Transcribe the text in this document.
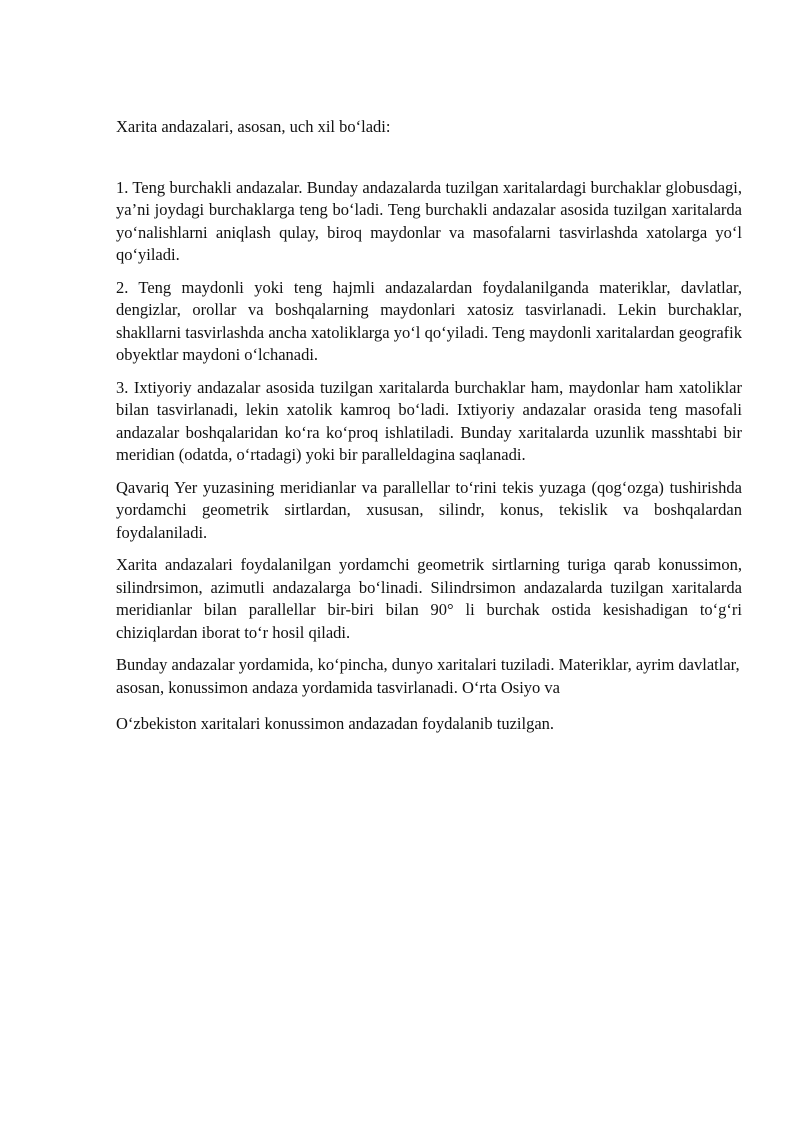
Xarita andazalari, asosan, uch xil bo‘ladi:

1. Teng burchakli andazalar. Bunday andazalarda tuzilgan xaritalardagi burchaklar globusdagi, ya’ni joydagi burchaklarga teng bo‘ladi. Teng burchakli andazalar asosida tuzilgan xaritalarda yo‘nalishlarni aniqlash qulay, biroq maydonlar va masofalarni tasvirlashda xatolarga yo‘l qo‘yiladi.

2. Teng maydonli yoki teng hajmli andazalardan foydalanilganda materiklar, davlatlar, dengizlar, orollar va boshqalarning maydonlari xatosiz tasvirlanadi. Lekin burchaklar, shakllarni tasvirlashda ancha xatoliklarga yo‘l qo‘yiladi. Teng maydonli xaritalardan geografik obyektlar maydoni o‘lchanadi.

3. Ixtiyoriy andazalar asosida tuzilgan xaritalarda burchaklar ham, maydonlar ham xatoliklar bilan tasvirlanadi, lekin xatolik kamroq bo‘ladi. Ixtiyoriy andazalar orasida teng masofali andazalar boshqalaridan ko‘ra ko‘proq ishlatiladi. Bunday xaritalarda uzunlik masshtabi bir meridian (odatda, o‘rtadagi) yoki bir paralleldagina saqlanadi.

Qavariq Yer yuzasining meridianlar va parallellar to‘rini tekis yuzaga (qog‘ozga) tushirishda yordamchi geometrik sirtlardan, xususan, silindr, konus, tekislik va boshqalardan foydalaniladi.

Xarita andazalari foydalanilgan yordamchi geometrik sirtlarning turiga qarab konussimon, silindrsimon, azimutli andazalarga bo‘linadi. Silindrsimon andazalarda tuzilgan xaritalarda meridianlar bilan parallellar bir-biri bilan 90° li burchak ostida kesishadigan to‘g‘ri chiziqlardan iborat to‘r hosil qiladi.

Bunday andazalar yordamida, ko‘pincha, dunyo xaritalari tuziladi. Materiklar, ayrim davlatlar, asosan, konussimon andaza yordamida tasvirlanadi. O‘rta Osiyo va

O‘zbekiston xaritalari konussimon andazadan foydalanib tuzilgan.
